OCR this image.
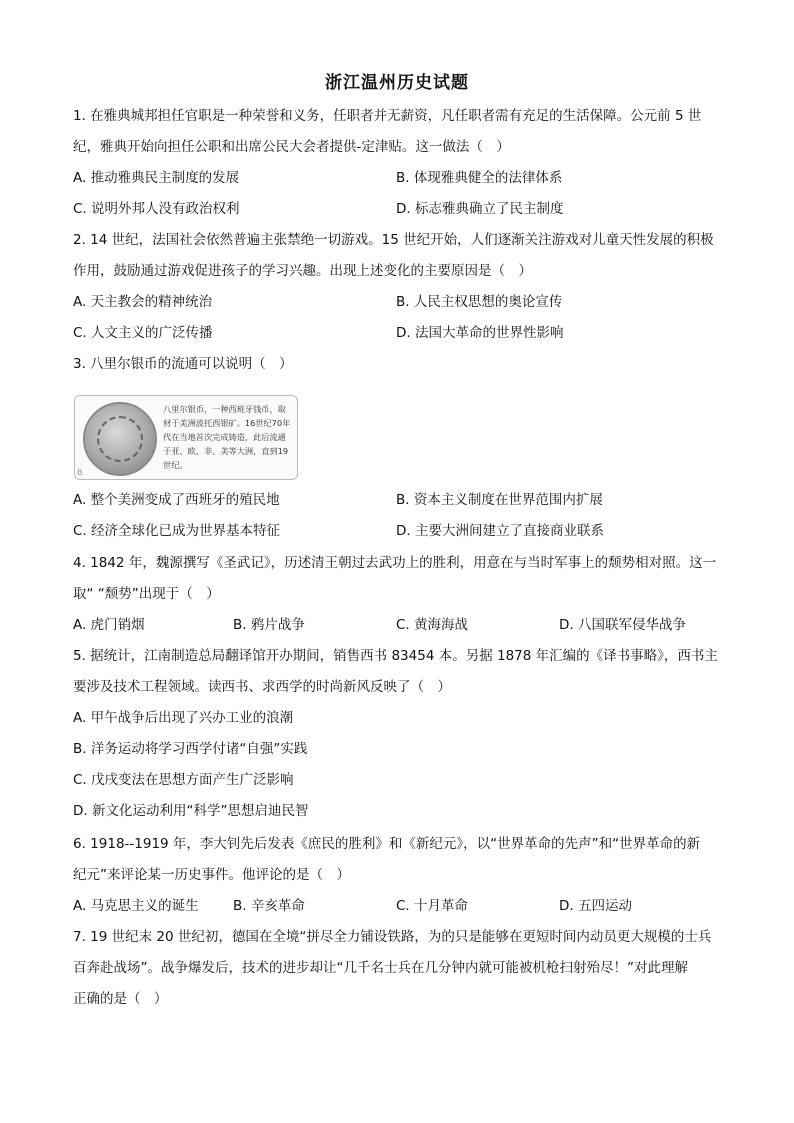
浙江温州历史试题
1. 在雅典城邦担任官职是一种荣誉和义务，任职者并无薪资，凡任职者需有充足的生活保障。公元前 5 世
纪，雅典开始向担任公职和出席公民大会者提供-定津贴。这一做法（　）
A. 推动雅典民主制度的发展	B. 体现雅典健全的法律体系
C. 说明外邦人没有政治权利	D. 标志雅典确立了民主制度
2. 14 世纪，法国社会依然普遍主张禁绝一切游戏。15 世纪开始，人们逐渐关注游戏对儿童天性发展的积极
作用，鼓励通过游戏促进孩子的学习兴趣。出现上述变化的主要原因是（　）
A. 天主教会的精神统治	B. 人民主权思想的奥论宣传
C. 人文主义的广泛传播	D. 法国大革命的世界性影响
3. 八里尔银币的流通可以说明（　）
八里尔银币，一种西班牙钱币，取材于美洲波托西银矿。16世纪70年代在当地首次完成铸造，此后流通于亚、欧、非、美等大洲，直到19世纪。
B
A. 整个美洲变成了西班牙的殖民地	B. 资本主义制度在世界范围内扩展
C. 经济全球化已成为世界基本特征	D. 主要大洲间建立了直接商业联系
4. 1842 年，魏源撰写《圣武记》，历述清王朝过去武功上的胜利，用意在与当时军事上的颓势相对照。这一
取“ “颓势”出现于（　）
A. 虎门销烟	B. 鸦片战争	C. 黄海海战	D. 八国联军侵华战争
5. 据统计，江南制造总局翻译馆开办期间，销售西书 83454 本。另据 1878 年汇编的《译书事略》，西书主
要涉及技术工程领域。读西书、求西学的时尚新风反映了（　）
A. 甲午战争后出现了兴办工业的浪潮
B. 洋务运动将学习西学付诸“自强”实践
C. 戊戌变法在思想方面产生广泛影响
D. 新文化运动利用“科学”思想启迪民智
6. 1918--1919 年，李大钊先后发表《庶民的胜利》和《新纪元》，以“世界革命的先声”和“世界革命的新
纪元”来评论某一历史事件。他评论的是（　）
A. 马克思主义的诞生	B. 辛亥革命	C. 十月革命	D. 五四运动
7. 19 世纪末 20 世纪初，德国在全境“拼尽全力铺设铁路，为的只是能够在更短时间内动员更大规模的士兵
百奔赴战场”。战争爆发后，技术的进步却让“几千名士兵在几分钟内就可能被机枪扫射殆尽！”对此理解
正确的是（　）
